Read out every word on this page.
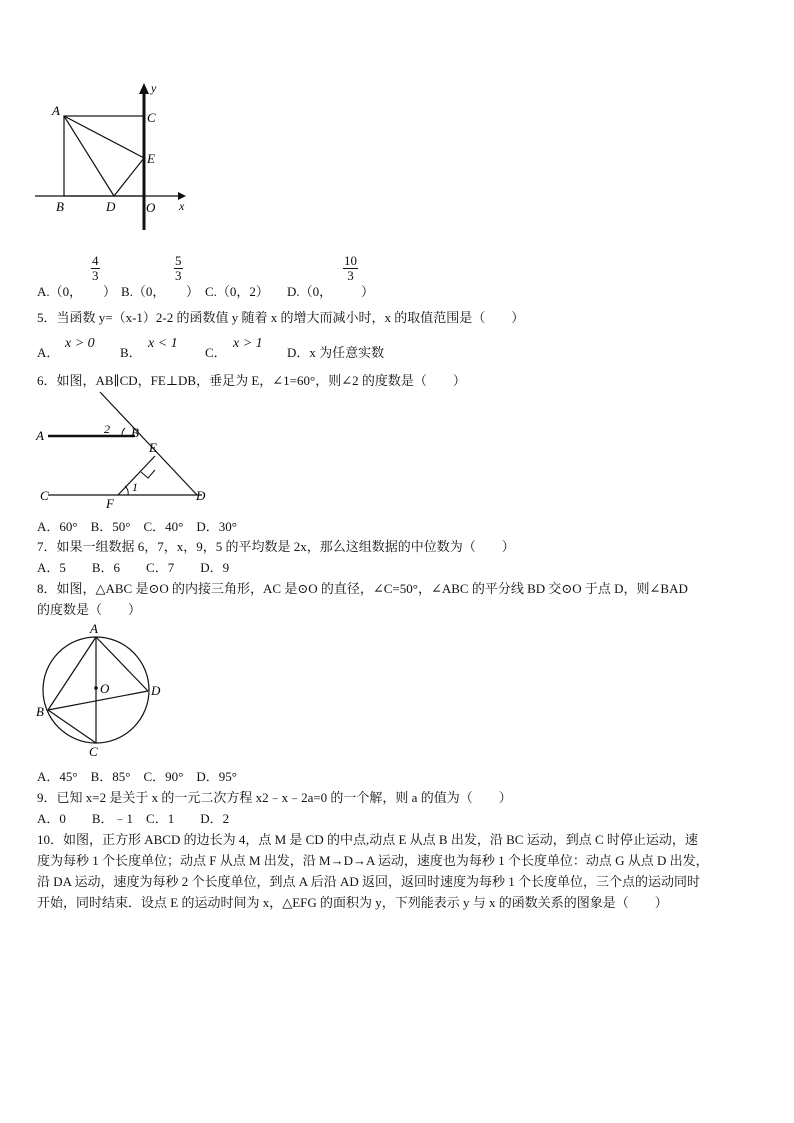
A	C
E
B	D O x
y
A.（0，
$\frac{4}{3}$
） B.（0，
$\frac{5}{3}$
） C.（0，2） D.（0，
$\frac{10}{3}$
）
5．当函数 y=（x-1）2-2 的函数值 y 随着 x 的增大而减小时，x 的取值范围是（　　）
A．
x > 0
B．
x < 1
C．
x > 1
D．x 为任意实数
6．如图，AB∥CD，FE⊥DB，垂足为 E，∠1=60°，则∠2 的度数是（　　）
A	2 B
E
1
C
F
D
A．60°　B．50°　C．40°　D．30°
7．如果一组数据 6，7，x，9，5 的平均数是 2x，那么这组数据的中位数为（　　）
A．5　　B．6　　C．7　　D．9
8．如图，△ABC 是⊙O 的内接三角形，AC 是⊙O 的直径，∠C=50°，∠ABC 的平分线 BD 交⊙O 于点 D，则∠BAD
的度数是（　　）
A
O
B
D
C
A．45°　B．85°　C．90°　D．95°
9．已知 x=2 是关于 x 的一元二次方程 x2﹣x﹣2a=0 的一个解，则 a 的值为（　　）
A．0　　B．﹣1　C．1　　D．2
10．如图，正方形 ABCD 的边长为 4，点 M 是 CD 的中点,动点 E 从点 B 出发，沿 BC 运动，到点 C 时停止运动，速
度为每秒 1 个长度单位；动点 F 从点 M 出发，沿 M→D→A 运动，速度也为每秒 1 个长度单位：动点 G 从点 D 出发，
沿 DA 运动，速度为每秒 2 个长度单位，到点 A 后沿 AD 返回，返回时速度为每秒 1 个长度单位，三个点的运动同时
开始，同时结束．设点 E 的运动时间为 x，△EFG 的面积为 y，下列能表示 y 与 x 的函数关系的图象是（　　）
